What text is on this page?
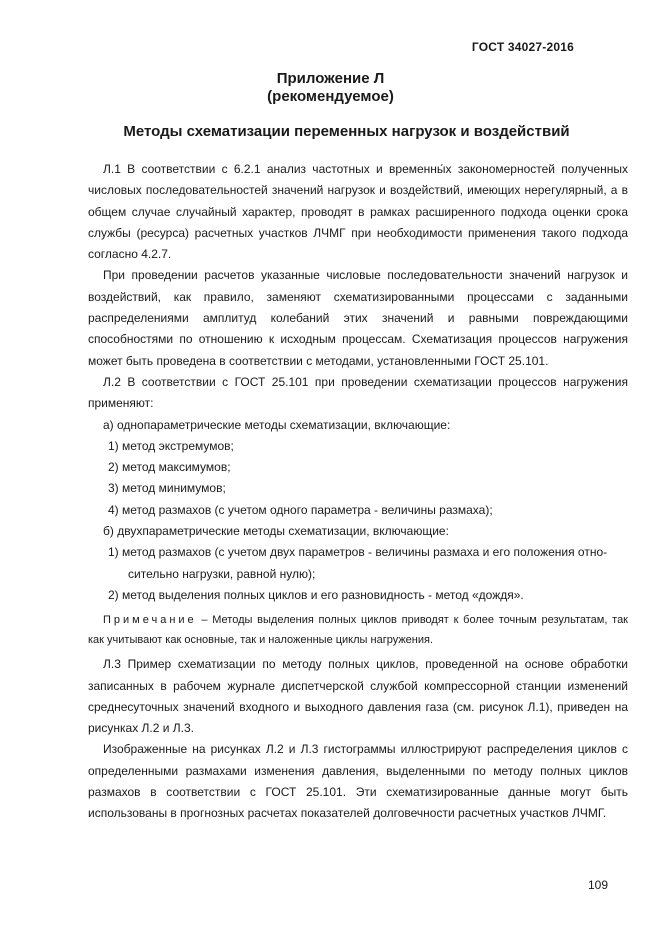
ГОСТ 34027-2016
Приложение Л
(рекомендуемое)
Методы схематизации переменных нагрузок и воздействий

Л.1 В соответствии с 6.2.1 анализ частотных и временны́х закономерностей полученных числовых последовательностей значений нагрузок и воздействий, имеющих нерегулярный, а в общем случае случайный характер, проводят в рамках расширенного подхода оценки срока службы (ресурса) расчетных участков ЛЧМГ при необходимости применения такого подхода согласно 4.2.7.

При проведении расчетов указанные числовые последовательности значений нагрузок и воздействий, как правило, заменяют схематизированными процессами с заданными распределениями амплитуд колебаний этих значений и равными повреждающими способностями по отношению к исходным процессам. Схематизация процессов нагружения может быть проведена в соответствии с методами, установленными ГОСТ 25.101.

Л.2 В соответствии с ГОСТ 25.101 при проведении схематизации процессов нагружения применяют:

а) однопараметрические методы схематизации, включающие:

1) метод экстремумов;

2) метод максимумов;

3) метод минимумов;

4) метод размахов (с учетом одного параметра - величины размаха);

б) двухпараметрические методы схематизации, включающие:

1) метод размахов (с учетом двух параметров - величины размаха и его положения отно-
сительно нагрузки, равной нулю);

2) метод выделения полных циклов и его разновидность - метод «дождя».

Примечание – Методы выделения полных циклов приводят к более точным результатам, так как учитывают как основные, так и наложенные циклы нагружения.

Л.3 Пример схематизации по методу полных циклов, проведенной на основе обработки записанных в рабочем журнале диспетчерской службой компрессорной станции изменений среднесуточных значений входного и выходного давления газа (см. рисунок Л.1), приведен на рисунках Л.2 и Л.3.

Изображенные на рисунках Л.2 и Л.3 гистограммы иллюстрируют распределения циклов с определенными размахами изменения давления, выделенными по методу полных циклов размахов в соответствии с ГОСТ 25.101. Эти схематизированные данные могут быть использованы в прогнозных расчетах показателей долговечности расчетных участков ЛЧМГ.

109
